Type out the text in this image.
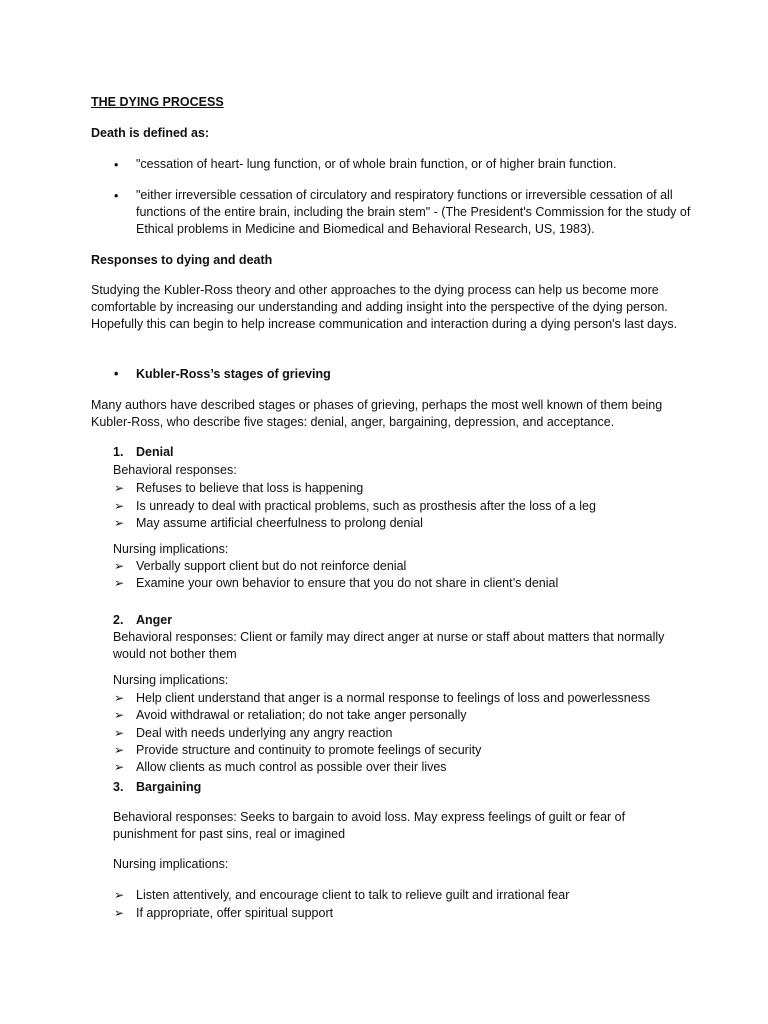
THE DYING PROCESS
Death is defined as:
• "cessation of heart- lung function, or of whole brain function, or of higher brain function.
• "either irreversible cessation of circulatory and respiratory functions or irreversible cessation of all functions of the entire brain, including the brain stem" - (The President's Commission for the study of Ethical problems in Medicine and Biomedical and Behavioral Research, US, 1983).
Responses to dying and death
Studying the Kubler-Ross theory and other approaches to the dying process can help us become more comfortable by increasing our understanding and adding insight into the perspective of the dying person. Hopefully this can begin to help increase communication and interaction during a dying person's last days.
• Kubler-Ross’s stages of grieving
Many authors have described stages or phases of grieving, perhaps the most well known of them being Kubler-Ross, who describe five stages: denial, anger, bargaining, depression, and acceptance.
1. Denial
Behavioral responses:
➢ Refuses to believe that loss is happening
➢ Is unready to deal with practical problems, such as prosthesis after the loss of a leg
➢ May assume artificial cheerfulness to prolong denial
Nursing implications:
➢ Verbally support client but do not reinforce denial
➢ Examine your own behavior to ensure that you do not share in client’s denial
2. Anger
Behavioral responses: Client or family may direct anger at nurse or staff about matters that normally would not bother them
Nursing implications:
➢ Help client understand that anger is a normal response to feelings of loss and powerlessness
➢ Avoid withdrawal or retaliation; do not take anger personally
➢ Deal with needs underlying any angry reaction
➢ Provide structure and continuity to promote feelings of security
➢ Allow clients as much control as possible over their lives
3. Bargaining
Behavioral responses: Seeks to bargain to avoid loss. May express feelings of guilt or fear of punishment for past sins, real or imagined
Nursing implications:
➢ Listen attentively, and encourage client to talk to relieve guilt and irrational fear
➢ If appropriate, offer spiritual support
